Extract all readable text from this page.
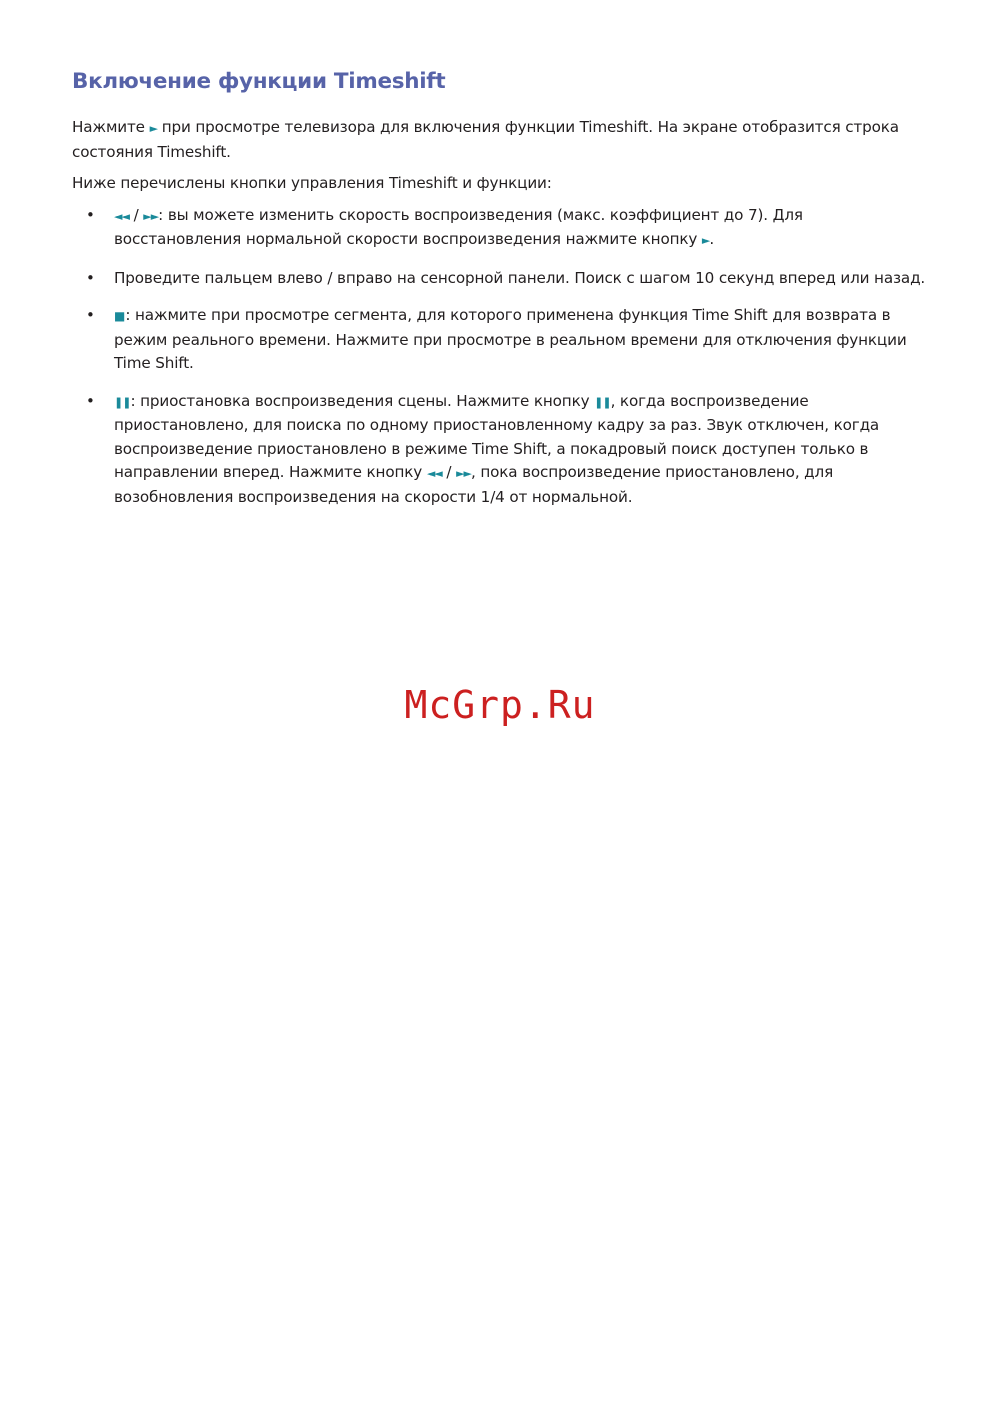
Включение функции Timeshift

Нажмите ► при просмотре телевизора для включения функции Timeshift. На экране отобразится строка состояния Timeshift.

Ниже перечислены кнопки управления Timeshift и функции:

• ◄◄ / ►►: вы можете изменить скорость воспроизведения (макс. коэффициент до 7). Для восстановления нормальной скорости воспроизведения нажмите кнопку ►.
• Проведите пальцем влево / вправо на сенсорной панели. Поиск с шагом 10 секунд вперед или назад.
• ■: нажмите при просмотре сегмента, для которого применена функция Time Shift для возврата в режим реального времени. Нажмите при просмотре в реальном времени для отключения функции Time Shift.
• ❚❚: приостановка воспроизведения сцены. Нажмите кнопку ❚❚, когда воспроизведение приостановлено, для поиска по одному приостановленному кадру за раз. Звук отключен, когда воспроизведение приостановлено в режиме Time Shift, а покадровый поиск доступен только в направлении вперед. Нажмите кнопку ◄◄ / ►►, пока воспроизведение приостановлено, для возобновления воспроизведения на скорости 1/4 от нормальной.
McGrp.Ru
